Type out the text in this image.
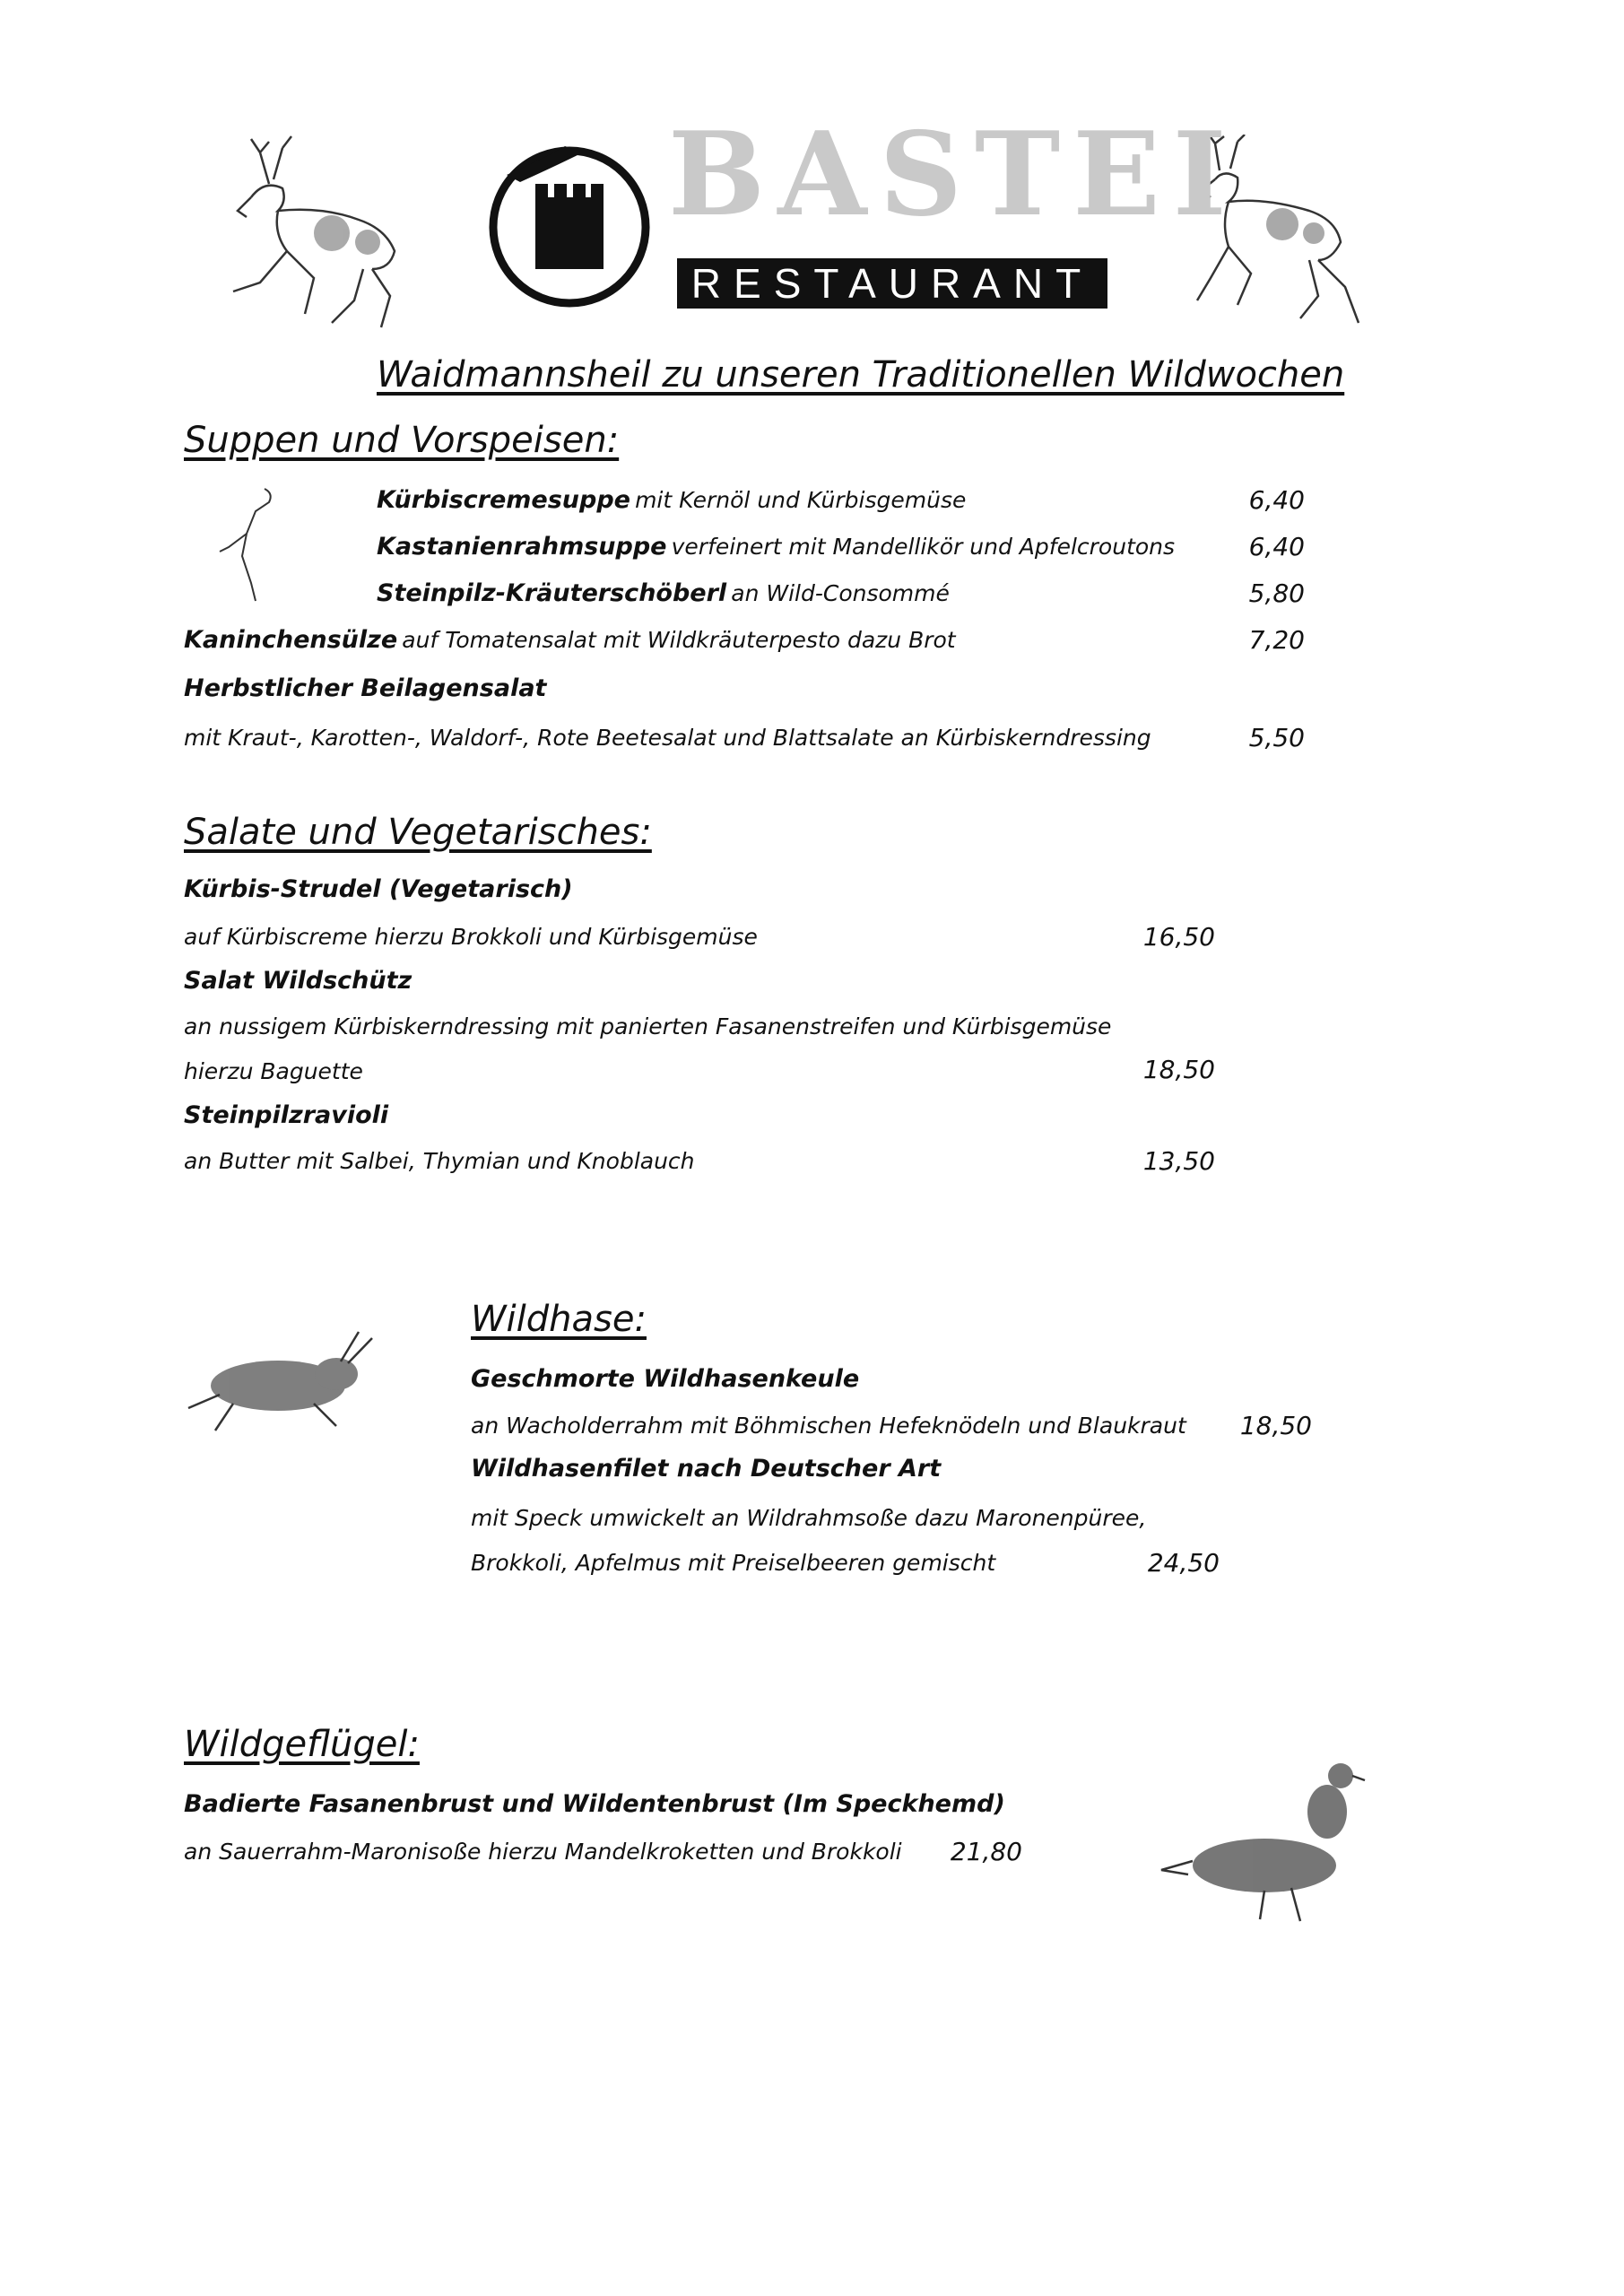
BASTEI
RESTAURANT
Waidmannsheil zu unseren Traditionellen Wildwochen
Suppen und Vorspeisen:
Kürbiscremesuppe mit Kernöl und Kürbisgemüse	6,40
Kastanienrahmsuppe verfeinert mit Mandellikör und Apfelcroutons	6,40
Steinpilz-Kräuterschöberl an Wild-Consommé	5,80
Kaninchensülze auf Tomatensalat mit Wildkräuterpesto dazu Brot	7,20
Herbstlicher Beilagensalat
mit Kraut-, Karotten-, Waldorf-, Rote Beetesalat und Blattsalate an Kürbiskerndressing	5,50
Salate und Vegetarisches:
Kürbis-Strudel (Vegetarisch)
auf Kürbiscreme hierzu Brokkoli und Kürbisgemüse	16,50
Salat Wildschütz
an nussigem Kürbiskerndressing mit panierten Fasanenstreifen und Kürbisgemüse
hierzu Baguette	18,50
Steinpilzravioli
an Butter mit Salbei, Thymian und Knoblauch	13,50
Wildhase:
Geschmorte Wildhasenkeule
an Wacholderrahm mit Böhmischen Hefeknödeln und Blaukraut	18,50
Wildhasenfilet nach Deutscher Art
mit Speck umwickelt an Wildrahmsoße dazu Maronenpüree,
Brokkoli, Apfelmus mit Preiselbeeren gemischt	24,50
Wildgeflügel:
Badierte Fasanenbrust und Wildentenbrust (Im Speckhemd)
an Sauerrahm-Maronisoße hierzu Mandelkroketten und Brokkoli	21,80
